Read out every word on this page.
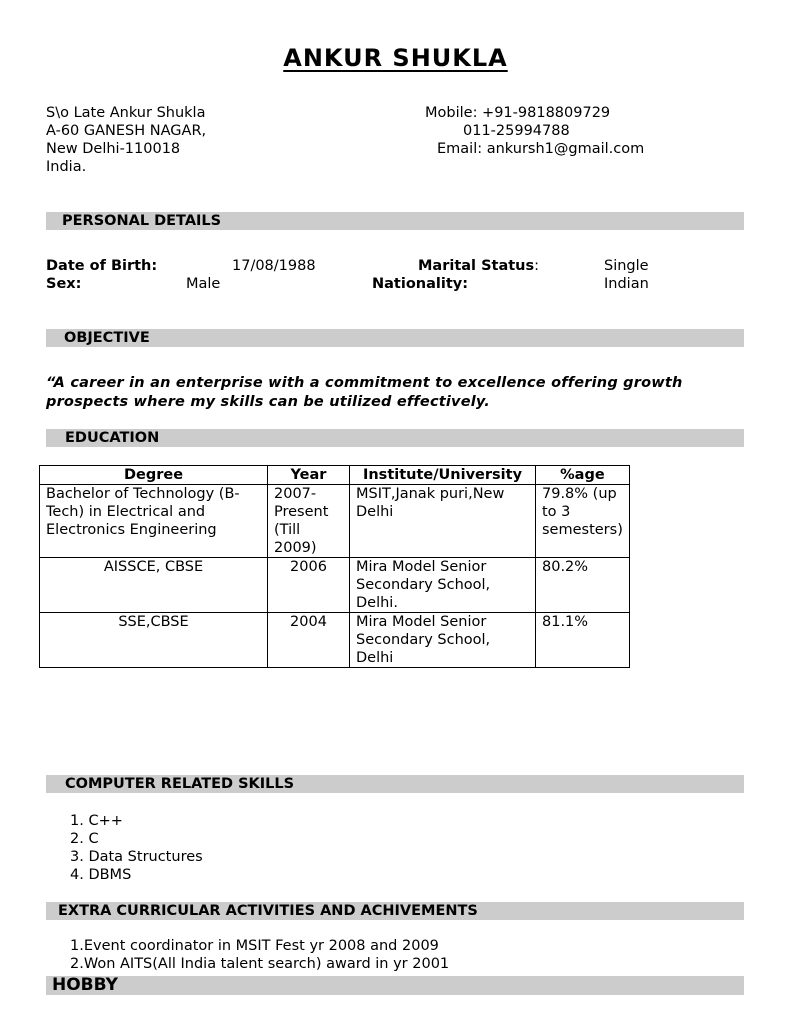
ANKUR SHUKLA
S\o Late Ankur Shukla
A-60 GANESH NAGAR,
New Delhi-110018
India.
Mobile: +91-9818809729
011-25994788
Email: ankursh1@gmail.com
PERSONAL DETAILS
Date of Birth:	17/08/1988	Marital Status:	Single
Sex:	Male	Nationality:	Indian
OBJECTIVE
“A career in an enterprise with a commitment to excellence offering growth prospects where my skills can be utilized effectively.
EDUCATION
Degree	Year	Institute/University	%age
Bachelor of Technology (B-Tech) in Electrical and Electronics Engineering	2007-Present (Till 2009)	MSIT,Janak puri,New Delhi	79.8% (up to 3 semesters)
AISSCE, CBSE	2006	Mira Model Senior Secondary School, Delhi.	80.2%
SSE,CBSE	2004	Mira Model Senior Secondary School, Delhi	81.1%
COMPUTER RELATED SKILLS
1. C++
2. C
3. Data Structures
4. DBMS
EXTRA CURRICULAR ACTIVITIES AND ACHIVEMENTS
1.Event coordinator in MSIT Fest yr 2008 and 2009
2.Won AITS(All India talent search) award in yr 2001
HOBBY
